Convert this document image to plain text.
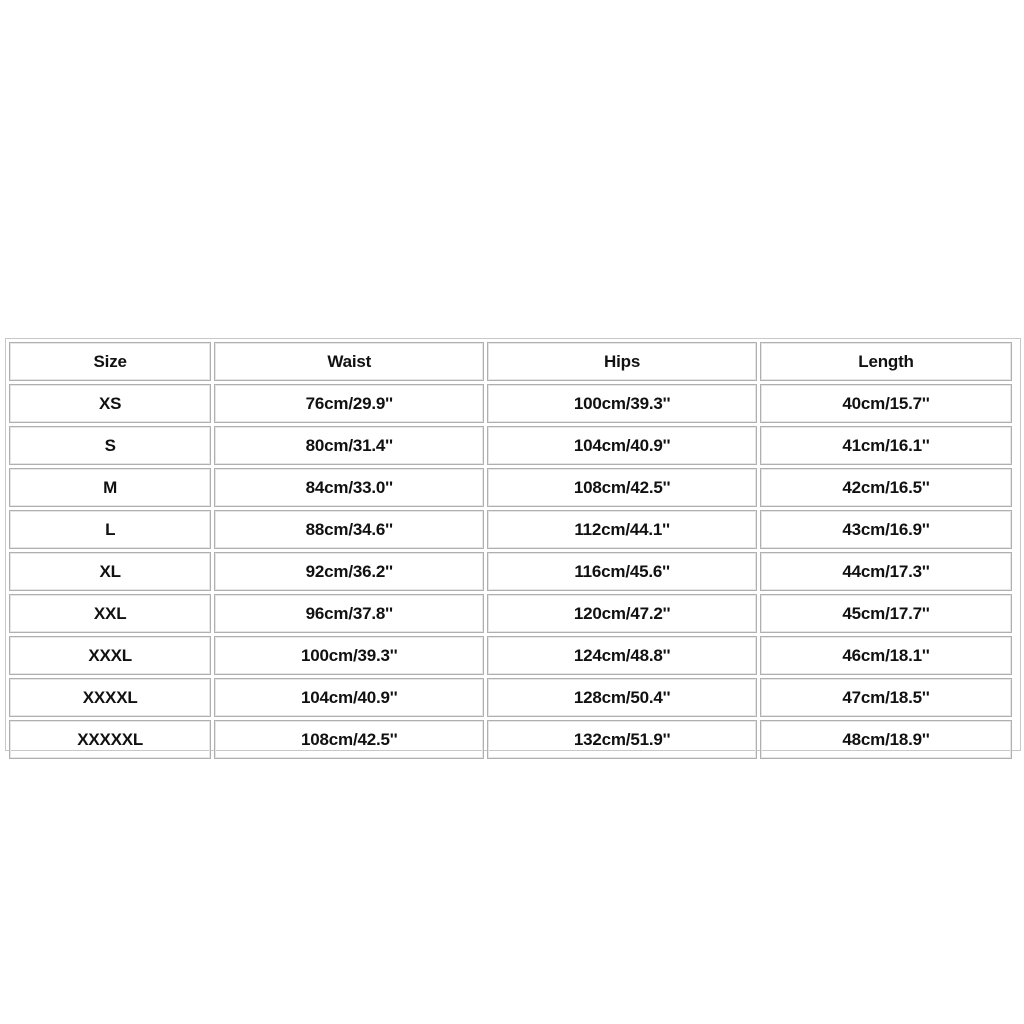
Size	Waist	Hips	Length
XS	76cm/29.9''	100cm/39.3''	40cm/15.7''
S	80cm/31.4''	104cm/40.9''	41cm/16.1''
M	84cm/33.0''	108cm/42.5''	42cm/16.5''
L	88cm/34.6''	112cm/44.1''	43cm/16.9''
XL	92cm/36.2''	116cm/45.6''	44cm/17.3''
XXL	96cm/37.8''	120cm/47.2''	45cm/17.7''
XXXL	100cm/39.3''	124cm/48.8''	46cm/18.1''
XXXXL	104cm/40.9''	128cm/50.4''	47cm/18.5''
XXXXXL	108cm/42.5''	132cm/51.9''	48cm/18.9''
